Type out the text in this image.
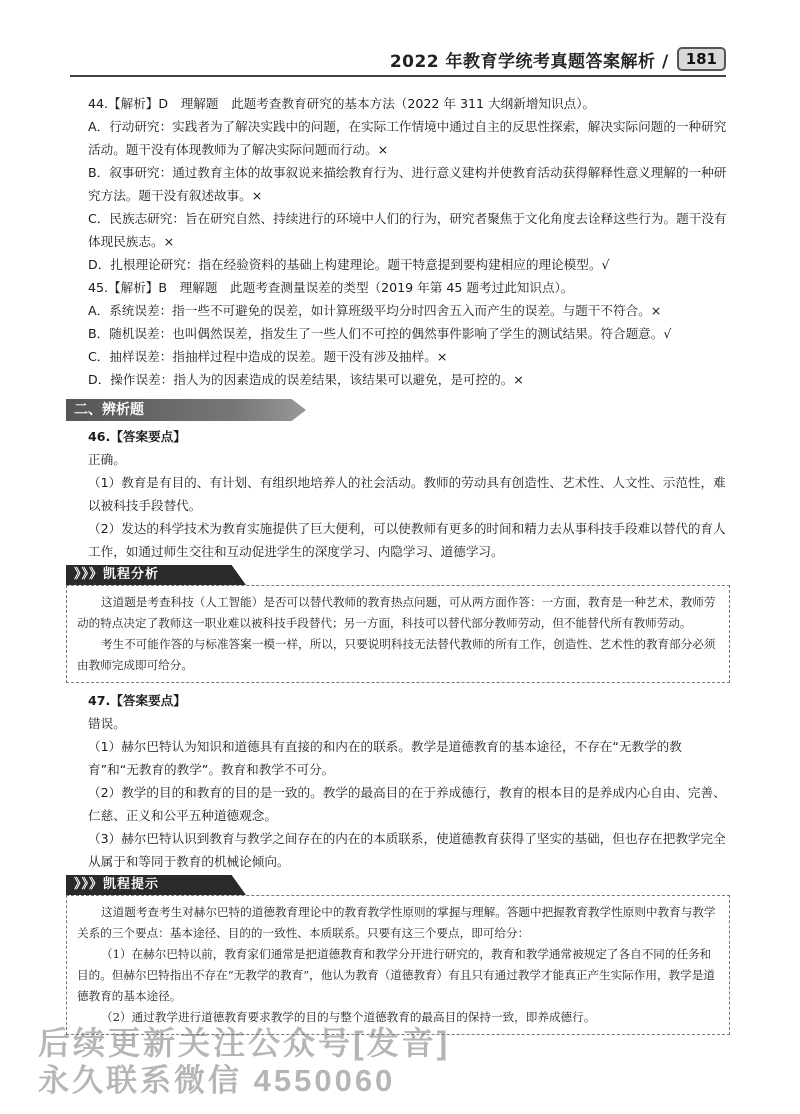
2022 年教育学统考真题答案解析 /	181

44.【解析】D　理解题　此题考查教育研究的基本方法（2022 年 311 大纲新增知识点）。

A．行动研究：实践者为了解决实践中的问题，在实际工作情境中通过自主的反思性探索，解决实际问题的一种研究活动。题干没有体现教师为了解决实际问题而行动。×

B．叙事研究：通过教育主体的故事叙说来描绘教育行为、进行意义建构并使教育活动获得解释性意义理解的一种研究方法。题干没有叙述故事。×

C．民族志研究：旨在研究自然、持续进行的环境中人们的行为，研究者聚焦于文化角度去诠释这些行为。题干没有体现民族志。×

D．扎根理论研究：指在经验资料的基础上构建理论。题干特意提到要构建相应的理论模型。√

45.【解析】B　理解题　此题考查测量误差的类型（2019 年第 45 题考过此知识点）。

A．系统误差：指一些不可避免的误差，如计算班级平均分时四舍五入而产生的误差。与题干不符合。×

B．随机误差：也叫偶然误差，指发生了一些人们不可控的偶然事件影响了学生的测试结果。符合题意。√

C．抽样误差：指抽样过程中造成的误差。题干没有涉及抽样。×

D．操作误差：指人为的因素造成的误差结果，该结果可以避免，是可控的。×

二、辨析题

46.【答案要点】

正确。

（1）教育是有目的、有计划、有组织地培养人的社会活动。教师的劳动具有创造性、艺术性、人文性、示范性，难以被科技手段替代。

（2）发达的科学技术为教育实施提供了巨大便利，可以使教师有更多的时间和精力去从事科技手段难以替代的育人工作，如通过师生交往和互动促进学生的深度学习、内隐学习、道德学习。

》》》凯程分析

这道题是考查科技（人工智能）是否可以替代教师的教育热点问题，可从两方面作答：一方面，教育是一种艺术，教师劳动的特点决定了教师这一职业难以被科技手段替代；另一方面，科技可以替代部分教师劳动，但不能替代所有教师劳动。

考生不可能作答的与标准答案一模一样，所以，只要说明科技无法替代教师的所有工作，创造性、艺术性的教育部分必须由教师完成即可给分。

47.【答案要点】

错误。

（1）赫尔巴特认为知识和道德具有直接的和内在的联系。教学是道德教育的基本途径，不存在“无教学的教育”和“无教育的教学”。教育和教学不可分。

（2）教学的目的和教育的目的是一致的。教学的最高目的在于养成德行，教育的根本目的是养成内心自由、完善、仁慈、正义和公平五种道德观念。

（3）赫尔巴特认识到教育与教学之间存在的内在的本质联系，使道德教育获得了坚实的基础，但也存在把教学完全从属于和等同于教育的机械论倾向。

》》》凯程提示

这道题考查考生对赫尔巴特的道德教育理论中的教育教学性原则的掌握与理解。答题中把握教育教学性原则中教育与教学关系的三个要点：基本途径、目的的一致性、本质联系。只要有这三个要点，即可给分：

（1）在赫尔巴特以前，教育家们通常是把道德教育和教学分开进行研究的，教育和教学通常被规定了各自不同的任务和目的。但赫尔巴特指出不存在“无教学的教育”，他认为教育（道德教育）有且只有通过教学才能真正产生实际作用，教学是道德教育的基本途径。

（2）通过教学进行道德教育要求教学的目的与整个道德教育的最高目的保持一致，即养成德行。

后续更新关注公众号[发音]
永久联系微信 4550060
